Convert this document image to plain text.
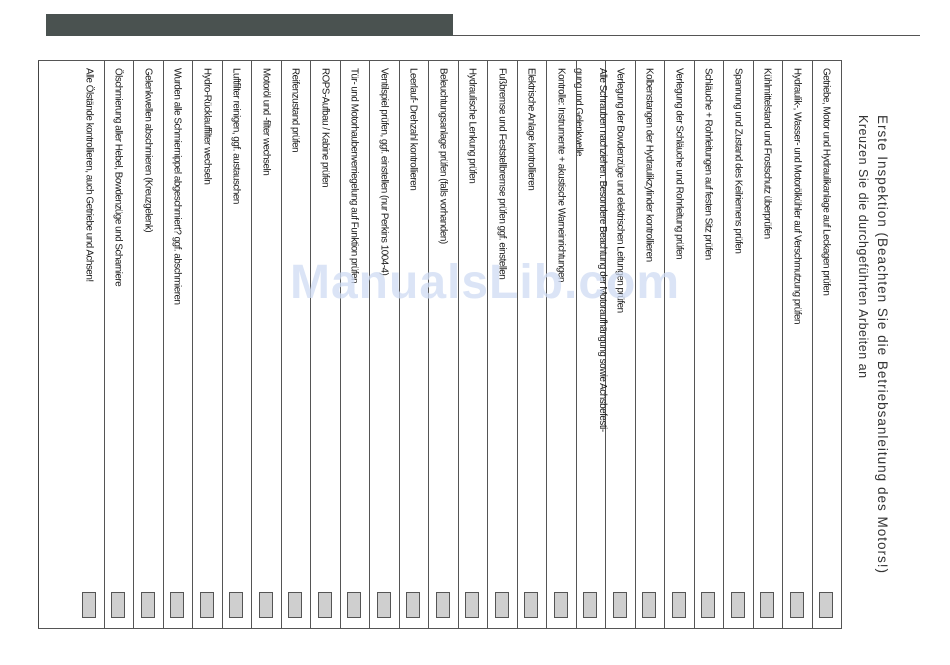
Erste Inspektion (Beachten Sie die Betriebsanleitung des Motors!)
Kreuzen Sie die durchgeführten Arbeiten an
Getriebe, Motor und Hydraulikanlage auf Leckagen prüfen
Hydraulik-, Wasser- und Motorölkühler auf Verschmutzung prüfen
Kühlmittelstand und Frostschutz überprüfen
Spannung und Zustand des Keilriemens prüfen
Schläuche + Rohrleitungen auf festen Sitz prüfen
Verlegung der Schläuche und Rohrleitung prüfen
Kolbenstangen der Hydraulikzylinder kontrollieren
Verlegung der Bowdenzüge und elektrischen Leitungen prüfen
Alle Schrauben nachziehen. Besondere Beachtung der Motoraufhängung sowie Achsbefesti-
gung und Gelenkwelle
Kontrolle: Instrumente + akustische Warneinrichtungen
Elektrische Anlage kontrollieren
Fußbremse und Feststellbremse prüfen ggf. einstellen
Hydraulische Lenkung prüfen
Beleuchtungsanlage prüfen (falls vorhanden)
Leerlauf- Drehzahl kontrollieren
Ventilspiel prüfen, ggf. einstellen (nur Perkins 1004-4)
Tür- und Motorhaubenverriegelung auf Funktion prüfen
ROPS-Aufbau / Kabine prüfen
Reifenzustand prüfen
Motoröl und -filter wechseln
Luftfilter reinigen, ggf. austauschen
Hydro-Rücklauffilter wechseln
Wurden alle Schmiernippel abgeschmiert? ggf. abschmieren
Gelenkwellen abschmieren (Kreuzgelenk)
Ölschmierung aller Hebel, Bowdenzüge und Scharniere
Alle Ölstände kontrollieren, auch Getriebe und Achsen!
ManualsLib.com
